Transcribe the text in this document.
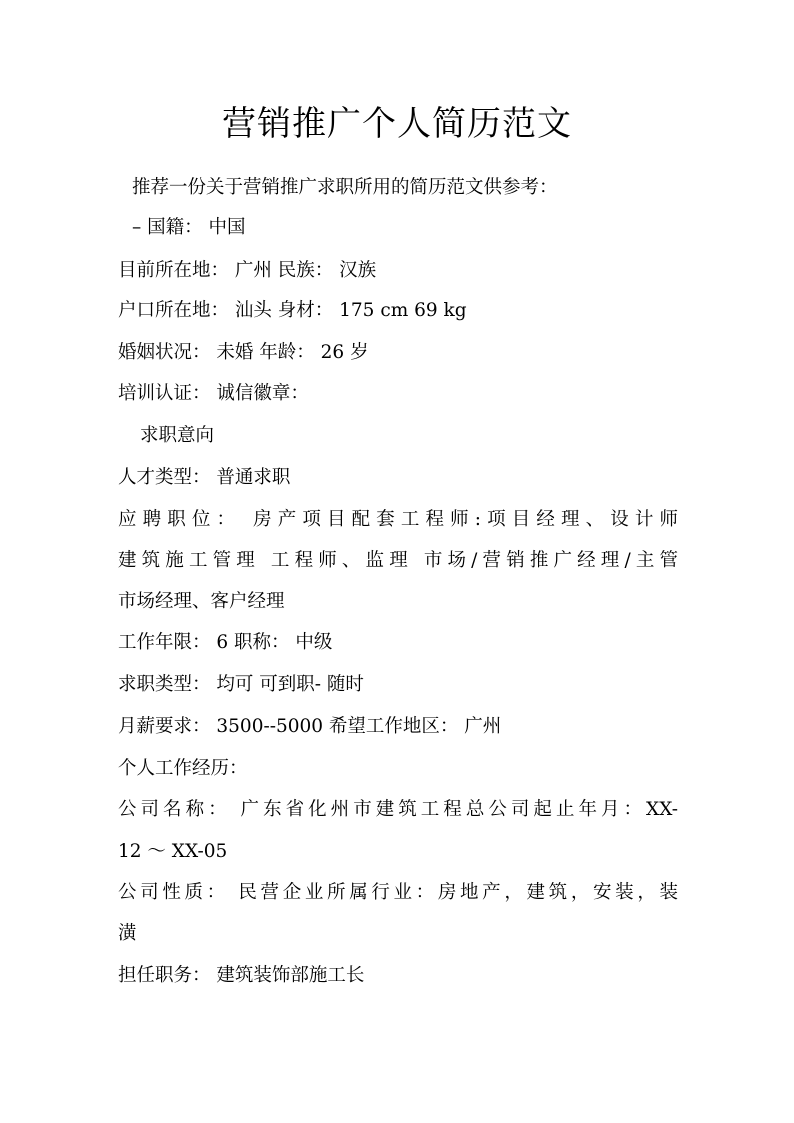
营销推广个人简历范文
推荐一份关于营销推广求职所用的简历范文供参考：
– 国籍： 中国
目前所在地： 广州 民族： 汉族
户口所在地： 汕头 身材： 175 cm 69 kg
婚姻状况： 未婚 年龄： 26 岁
培训认证： 诚信徽章：
求职意向
人才类型： 普通求职
应聘职位： 房产项目配套工程师:项目经理、设计师
建筑施工管理 工程师、监理 市场/营销推广经理/主管
市场经理、客户经理
工作年限： 6 职称： 中级
求职类型： 均可 可到职- 随时
月薪要求： 3500--5000 希望工作地区： 广州
个人工作经历：
公司名称： 广东省化州市建筑工程总公司起止年月：XX-
12 ～ XX-05
公司性质： 民营企业所属行业：房地产，建筑，安装，装
潢
担任职务： 建筑装饰部施工长
